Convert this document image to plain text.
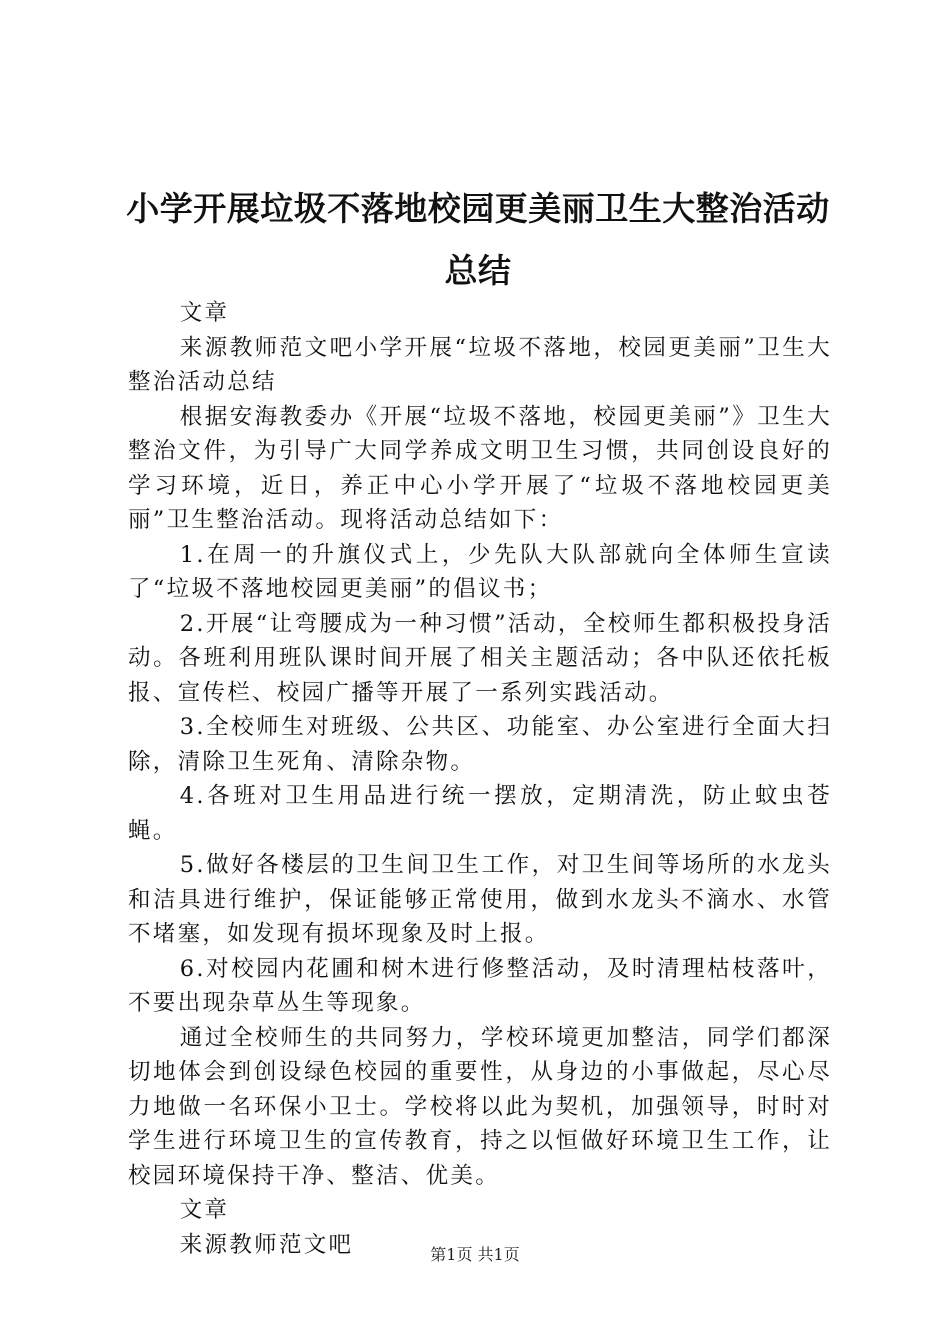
小学开展垃圾不落地校园更美丽卫生大整治活动总结

文章

来源教师范文吧小学开展“垃圾不落地，校园更美丽”卫生大整治活动总结

根据安海教委办《开展“垃圾不落地，校园更美丽”》卫生大整治文件，为引导广大同学养成文明卫生习惯，共同创设良好的学习环境，近日，养正中心小学开展了“垃圾不落地校园更美丽”卫生整治活动。现将活动总结如下：

1.在周一的升旗仪式上，少先队大队部就向全体师生宣读了“垃圾不落地校园更美丽”的倡议书；

2.开展“让弯腰成为一种习惯”活动，全校师生都积极投身活动。各班利用班队课时间开展了相关主题活动；各中队还依托板报、宣传栏、校园广播等开展了一系列实践活动。

3.全校师生对班级、公共区、功能室、办公室进行全面大扫除，清除卫生死角、清除杂物。

4.各班对卫生用品进行统一摆放，定期清洗，防止蚊虫苍蝇。

5.做好各楼层的卫生间卫生工作，对卫生间等场所的水龙头和洁具进行维护，保证能够正常使用，做到水龙头不滴水、水管不堵塞，如发现有损坏现象及时上报。

6.对校园内花圃和树木进行修整活动，及时清理枯枝落叶，不要出现杂草丛生等现象。

通过全校师生的共同努力，学校环境更加整洁，同学们都深切地体会到创设绿色校园的重要性，从身边的小事做起，尽心尽力地做一名环保小卫士。学校将以此为契机，加强领导，时时对学生进行环境卫生的宣传教育，持之以恒做好环境卫生工作，让校园环境保持干净、整洁、优美。

文章

来源教师范文吧	第1页 共1页
